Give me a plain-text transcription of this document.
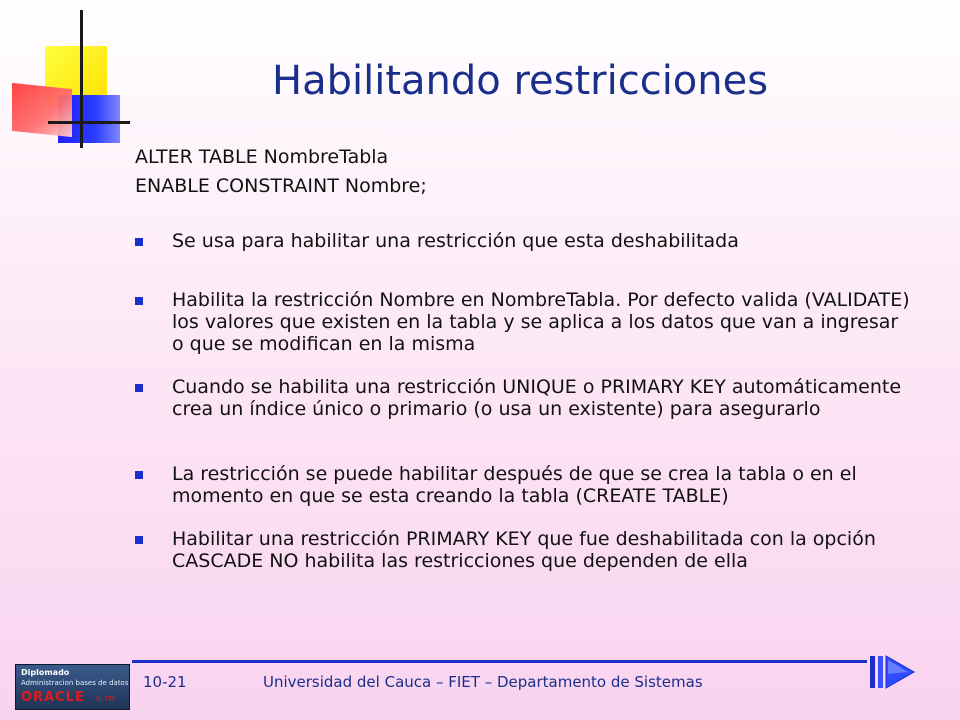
Habilitando restricciones
ALTER TABLE NombreTabla
ENABLE CONSTRAINT Nombre;
Se usa para habilitar una restricción que esta deshabilitada
Habilita la restricción Nombre en NombreTabla. Por defecto valida (VALIDATE) los valores que existen en la tabla y se aplica a los datos que van a ingresar o que se modifican en la misma
Cuando se habilita una restricción UNIQUE o PRIMARY KEY automáticamente crea un índice único o primario (o usa un existente) para asegurarlo
La restricción se puede habilitar después de que se crea la tabla o en el momento en que se esta creando la tabla (CREATE TABLE)
Habilitar una restricción PRIMARY KEY que fue deshabilitada con la opción CASCADE NO habilita las restricciones que dependen de ella
Diplomado
Administracion bases de datos
ORACLE 9i TM
10-21	Universidad del Cauca – FIET – Departamento de Sistemas
